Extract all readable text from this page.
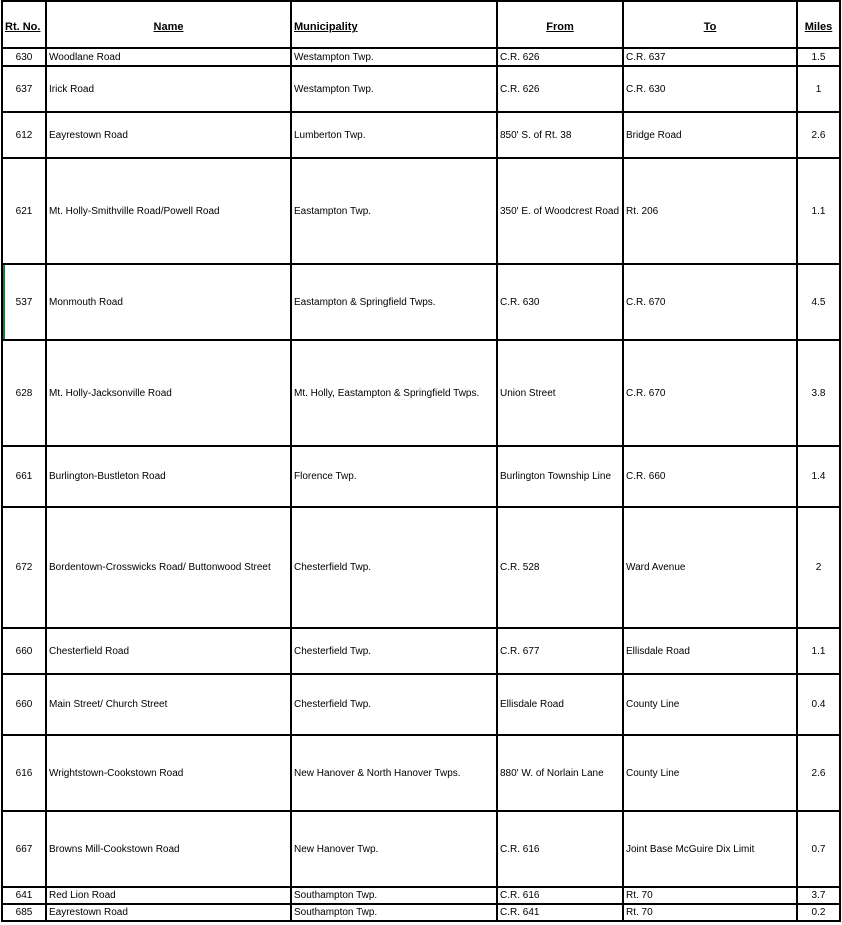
Rt. No.	Name	Municipality	From	To	Miles
630	Woodlane Road	Westampton Twp.	C.R. 626	C.R. 637	1.5
637	Irick Road	Westampton Twp.	C.R. 626	C.R. 630	1
612	Eayrestown Road	Lumberton Twp.	850' S. of Rt. 38	Bridge Road	2.6
621	Mt. Holly-Smithville Road/Powell Road	Eastampton Twp.	350' E. of Woodcrest Road	Rt. 206	1.1
537	Monmouth Road	Eastampton & Springfield Twps.	C.R. 630	C.R. 670	4.5
628	Mt. Holly-Jacksonville Road	Mt. Holly, Eastampton & Springfield Twps.	Union Street	C.R. 670	3.8
661	Burlington-Bustleton Road	Florence Twp.	Burlington Township Line	C.R. 660	1.4
672	Bordentown-Crosswicks Road/ Buttonwood Street	Chesterfield Twp.	C.R. 528	Ward Avenue	2
660	Chesterfield Road	Chesterfield Twp.	C.R. 677	Ellisdale Road	1.1
660	Main Street/ Church Street	Chesterfield Twp.	Ellisdale Road	County Line	0.4
616	Wrightstown-Cookstown Road	New Hanover & North Hanover Twps.	880' W. of Norlain Lane	County Line	2.6
667	Browns Mill-Cookstown Road	New Hanover Twp.	C.R. 616	Joint Base McGuire Dix Limit	0.7
641	Red Lion Road	Southampton Twp.	C.R. 616	Rt. 70	3.7
685	Eayrestown Road	Southampton Twp.	C.R. 641	Rt. 70	0.2
